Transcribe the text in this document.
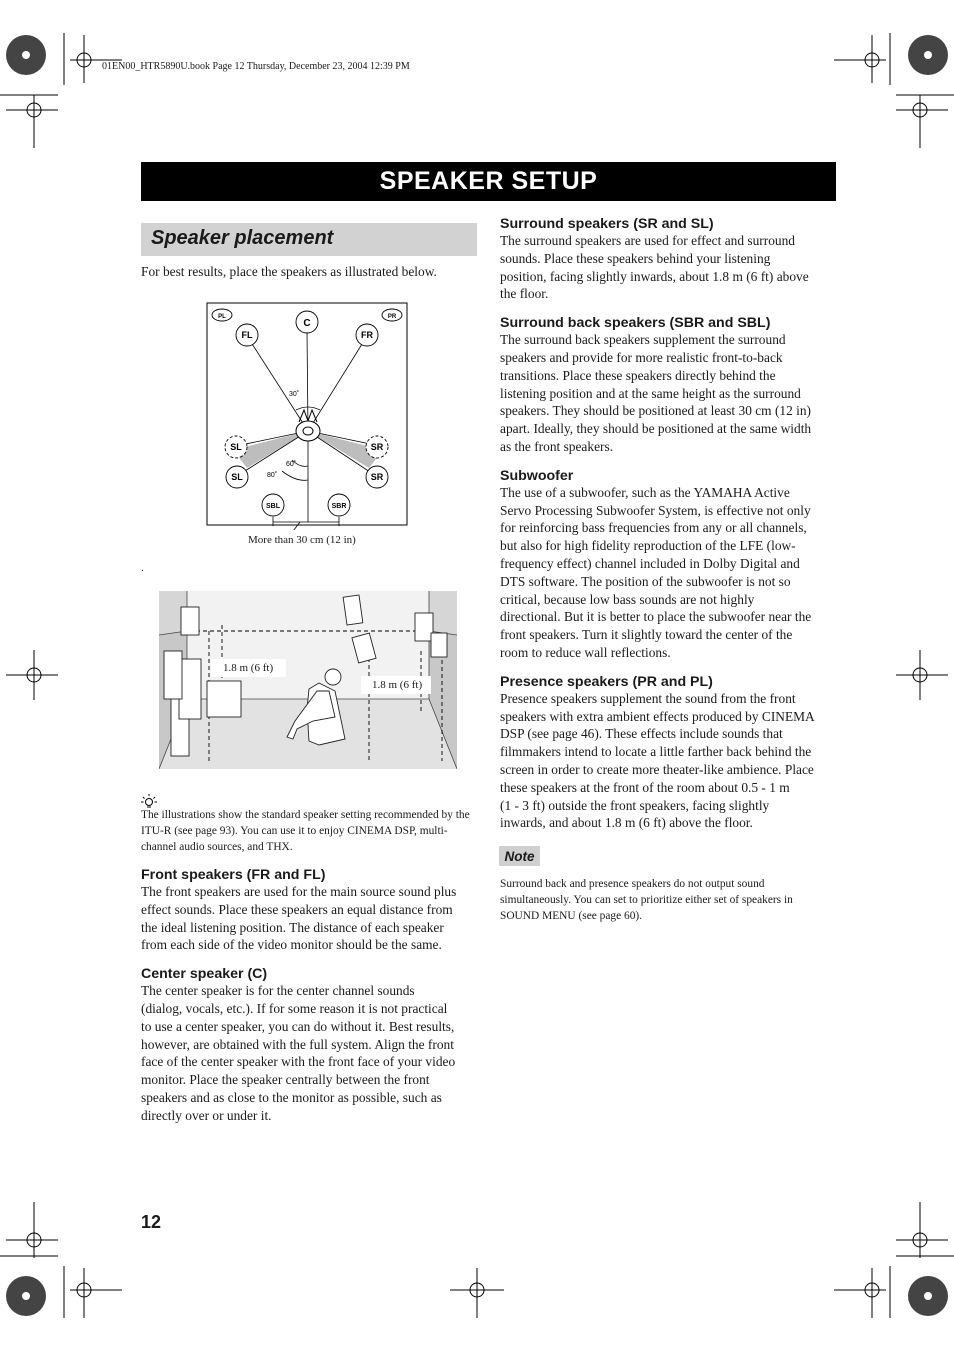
01EN00_HTR5890U.book Page 12 Thursday, December 23, 2004 12:39 PM
SPEAKER SETUP
Speaker placement
For best results, place the speakers as illustrated below.
PL	PR
C
FL	FR
SL	SR
SL	SR
SBL	SBR
30˚
60˚
80˚
More than 30 cm (12 in)
.
1.8 m (6 ft)
1.8 m (6 ft)
The illustrations show the standard speaker setting recommended by the ITU-R (see page 93). You can use it to enjoy CINEMA DSP, multi-channel audio sources, and THX.
Front speakers (FR and FL)
The front speakers are used for the main source sound plus
effect sounds. Place these speakers an equal distance from
the ideal listening position. The distance of each speaker
from each side of the video monitor should be the same.
Center speaker (C)
The center speaker is for the center channel sounds
(dialog, vocals, etc.). If for some reason it is not practical
to use a center speaker, you can do without it. Best results,
however, are obtained with the full system. Align the front
face of the center speaker with the front face of your video
monitor. Place the speaker centrally between the front
speakers and as close to the monitor as possible, such as
directly over or under it.
Surround speakers (SR and SL)
The surround speakers are used for effect and surround
sounds. Place these speakers behind your listening
position, facing slightly inwards, about 1.8 m (6 ft) above
the floor.
Surround back speakers (SBR and SBL)
The surround back speakers supplement the surround
speakers and provide for more realistic front-to-back
transitions. Place these speakers directly behind the
listening position and at the same height as the surround
speakers. They should be positioned at least 30 cm (12 in)
apart. Ideally, they should be positioned at the same width
as the front speakers.
Subwoofer
The use of a subwoofer, such as the YAMAHA Active
Servo Processing Subwoofer System, is effective not only
for reinforcing bass frequencies from any or all channels,
but also for high fidelity reproduction of the LFE (low-
frequency effect) channel included in Dolby Digital and
DTS software. The position of the subwoofer is not so
critical, because low bass sounds are not highly
directional. But it is better to place the subwoofer near the
front speakers. Turn it slightly toward the center of the
room to reduce wall reflections.
Presence speakers (PR and PL)
Presence speakers supplement the sound from the front
speakers with extra ambient effects produced by CINEMA
DSP (see page 46). These effects include sounds that
filmmakers intend to locate a little farther back behind the
screen in order to create more theater-like ambience. Place
these speakers at the front of the room about 0.5 - 1 m
(1 - 3 ft) outside the front speakers, facing slightly
inwards, and about 1.8 m (6 ft) above the floor.
Note
Surround back and presence speakers do not output sound
simultaneously. You can set to prioritize either set of speakers in
SOUND MENU (see page 60).
12
